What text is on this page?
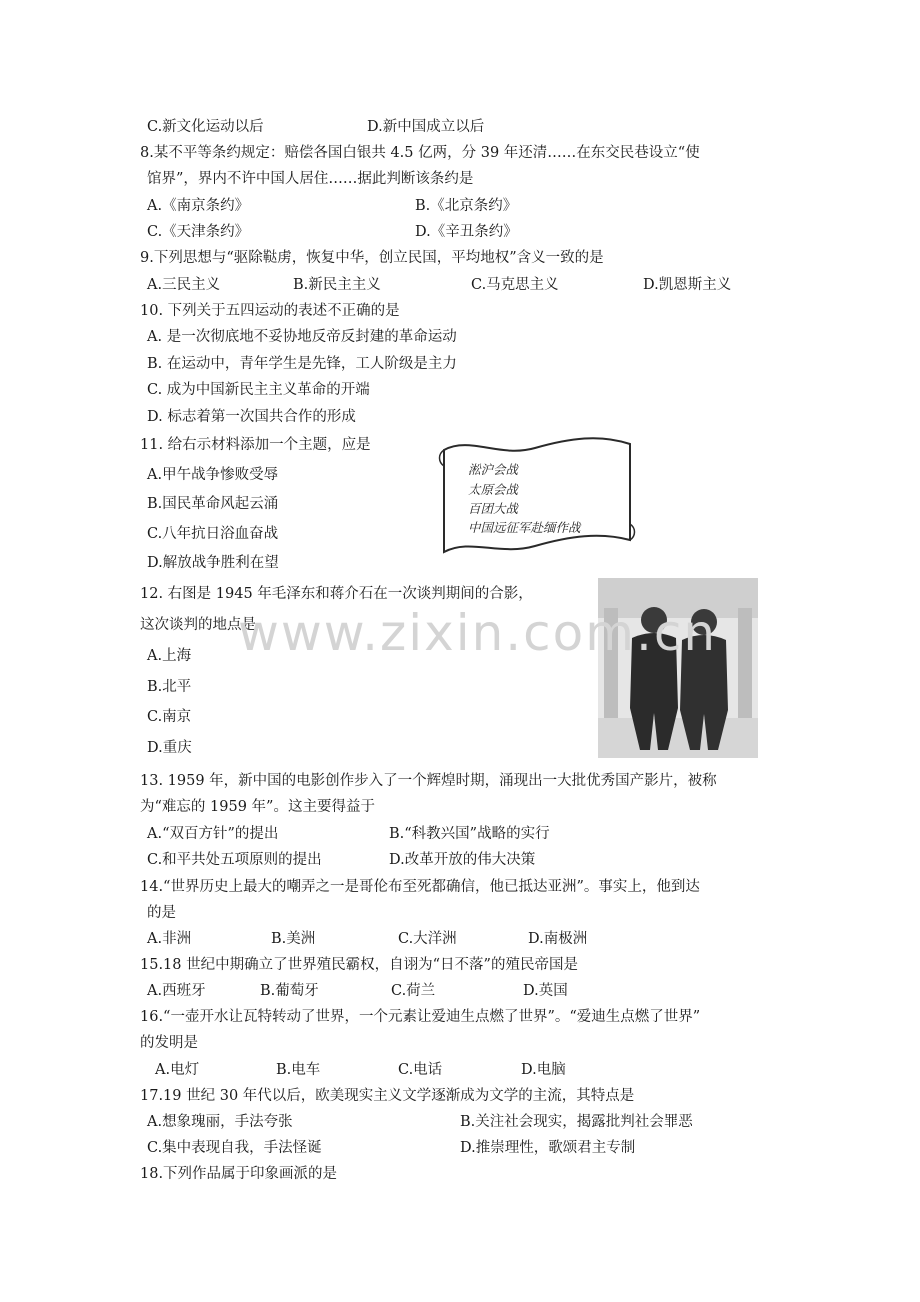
C.新文化运动以后	D.新中国成立以后
8.某不平等条约规定：赔偿各国白银共 4.5 亿两，分 39 年还清……在东交民巷设立“使
馆界”，界内不许中国人居住……据此判断该条约是
A.《南京条约》	B.《北京条约》
C.《天津条约》	D.《辛丑条约》
9.下列思想与“驱除鞑虏，恢复中华，创立民国，平均地权”含义一致的是
A.三民主义	B.新民主主义	C.马克思主义	D.凯恩斯主义
10. 下列关于五四运动的表述不正确的是
A. 是一次彻底地不妥协地反帝反封建的革命运动
B. 在运动中，青年学生是先锋，工人阶级是主力
C. 成为中国新民主主义革命的开端
D. 标志着第一次国共合作的形成
11. 给右示材料添加一个主题，应是
A.甲午战争惨败受辱
B.国民革命风起云涌
C.八年抗日浴血奋战
D.解放战争胜利在望
淞沪会战
太原会战
百团大战
中国远征军赴缅作战
12. 右图是 1945 年毛泽东和蒋介石在一次谈判期间的合影，
这次谈判的地点是
A.上海
B.北平
C.南京
D.重庆
13. 1959 年，新中国的电影创作步入了一个辉煌时期，涌现出一大批优秀国产影片，被称
为“难忘的 1959 年”。这主要得益于
A.“双百方针”的提出	B.“科教兴国”战略的实行
C.和平共处五项原则的提出	D.改革开放的伟大决策
14.“世界历史上最大的嘲弄之一是哥伦布至死都确信，他已抵达亚洲”。事实上，他到达
的是
A.非洲	B.美洲	C.大洋洲	D.南极洲
15.18 世纪中期确立了世界殖民霸权，自诩为“日不落”的殖民帝国是
A.西班牙	B.葡萄牙	C.荷兰	D.英国
16.“一壶开水让瓦特转动了世界，一个元素让爱迪生点燃了世界”。“爱迪生点燃了世界”
的发明是
A.电灯	B.电车	C.电话	D.电脑
17.19 世纪 30 年代以后，欧美现实主义文学逐渐成为文学的主流，其特点是
A.想象瑰丽，手法夸张	B.关注社会现实，揭露批判社会罪恶
C.集中表现自我，手法怪诞	D.推崇理性，歌颂君主专制
18.下列作品属于印象画派的是
www.zixin.com.cn
